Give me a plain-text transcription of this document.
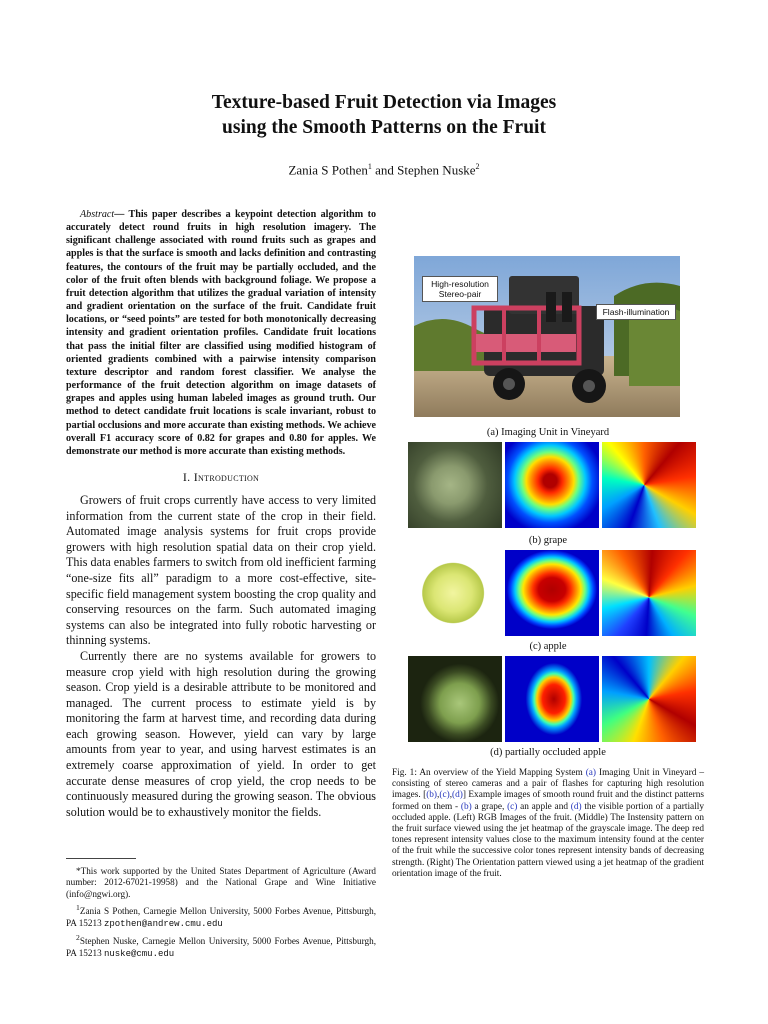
Texture-based Fruit Detection via Images
using the Smooth Patterns on the Fruit
Zania S Pothen$^1$ and Stephen Nuske$^2$

Abstract— This paper describes a keypoint detection algorithm to accurately detect round fruits in high resolution imagery. The significant challenge associated with round fruits such as grapes and apples is that the surface is smooth and lacks definition and contrasting features, the contours of the fruit may be partially occluded, and the color of the fruit often blends with background foliage. We propose a fruit detection algorithm that utilizes the gradual variation of intensity and gradient orientation on the surface of the fruit. Candidate fruit locations, or “seed points” are tested for both monotonically decreasing intensity and gradient orientation profiles. Candidate fruit locations that pass the initial filter are classified using modified histogram of oriented gradients combined with a pairwise intensity comparison texture descriptor and random forest classifier. We analyse the performance of the fruit detection algorithm on image datasets of grapes and apples using human labeled images as ground truth. Our method to detect candidate fruit locations is scale invariant, robust to partial occlusions and more accurate than existing methods. We achieve overall F1 accuracy score of 0.82 for grapes and 0.80 for apples. We demonstrate our method is more accurate than existing methods.

I. Introduction

Growers of fruit crops currently have access to very limited information from the current state of the crop in their field. Automated image analysis systems for fruit crops provide growers with high resolution spatial data on their crop yield. This data enables farmers to switch from old inefficient farming “one-size fits all” paradigm to a more cost-effective, site-specific field management system boosting the crop quality and conserving resources on the farm. Such automated imaging systems can also be integrated into fully robotic harvesting or thinning systems.

Currently there are no systems available for growers to measure crop yield with high resolution during the growing season. Crop yield is a desirable attribute to be monitored and managed. The current process to estimate yield is by monitoring the farm at harvest time, and recording data during each growing season. However, yield can vary by large amounts from year to year, and using harvest estimates is an extremely coarse approximation of yield. In order to get accurate dense measures of crop yield, the crop needs to be continuously measured during the growing season. The obvious solution would be to exhaustively monitor the fields.

*This work supported by the United States Department of Agriculture (Award number: 2012-67021-19958) and the National Grape and Wine Initiative (info@ngwi.org).

$^1$Zania S Pothen, Carnegie Mellon University, 5000 Forbes Avenue, Pittsburgh, PA 15213 zpothen@andrew.cmu.edu

$^2$Stephen Nuske, Carnegie Mellon University, 5000 Forbes Avenue, Pittsburgh, PA 15213 nuske@cmu.edu

High-resolution Stereo-pair
Flash-illumination
(a) Imaging Unit in Vineyard
(b) grape
(c) apple
(d) partially occluded apple
Fig. 1: An overview of the Yield Mapping System (a) Imaging Unit in Vineyard – consisting of stereo cameras and a pair of flashes for capturing high resolution images. [(b),(c),(d)] Example images of smooth round fruit and the distinct patterns formed on them - (b) a grape, (c) an apple and (d) the visible portion of a partially occluded apple. (Left) RGB Images of the fruit. (Middle) The Instensity pattern on the fruit surface viewed using the jet heatmap of the grayscale image. The deep red tones represent intensity values close to the maximum intensity found at the center of the fruit while the successive color tones represent intensity bands of decreasing strength. (Right) The Orientation pattern viewed using a jet heatmap of the gradient orientation image of the fruit.
